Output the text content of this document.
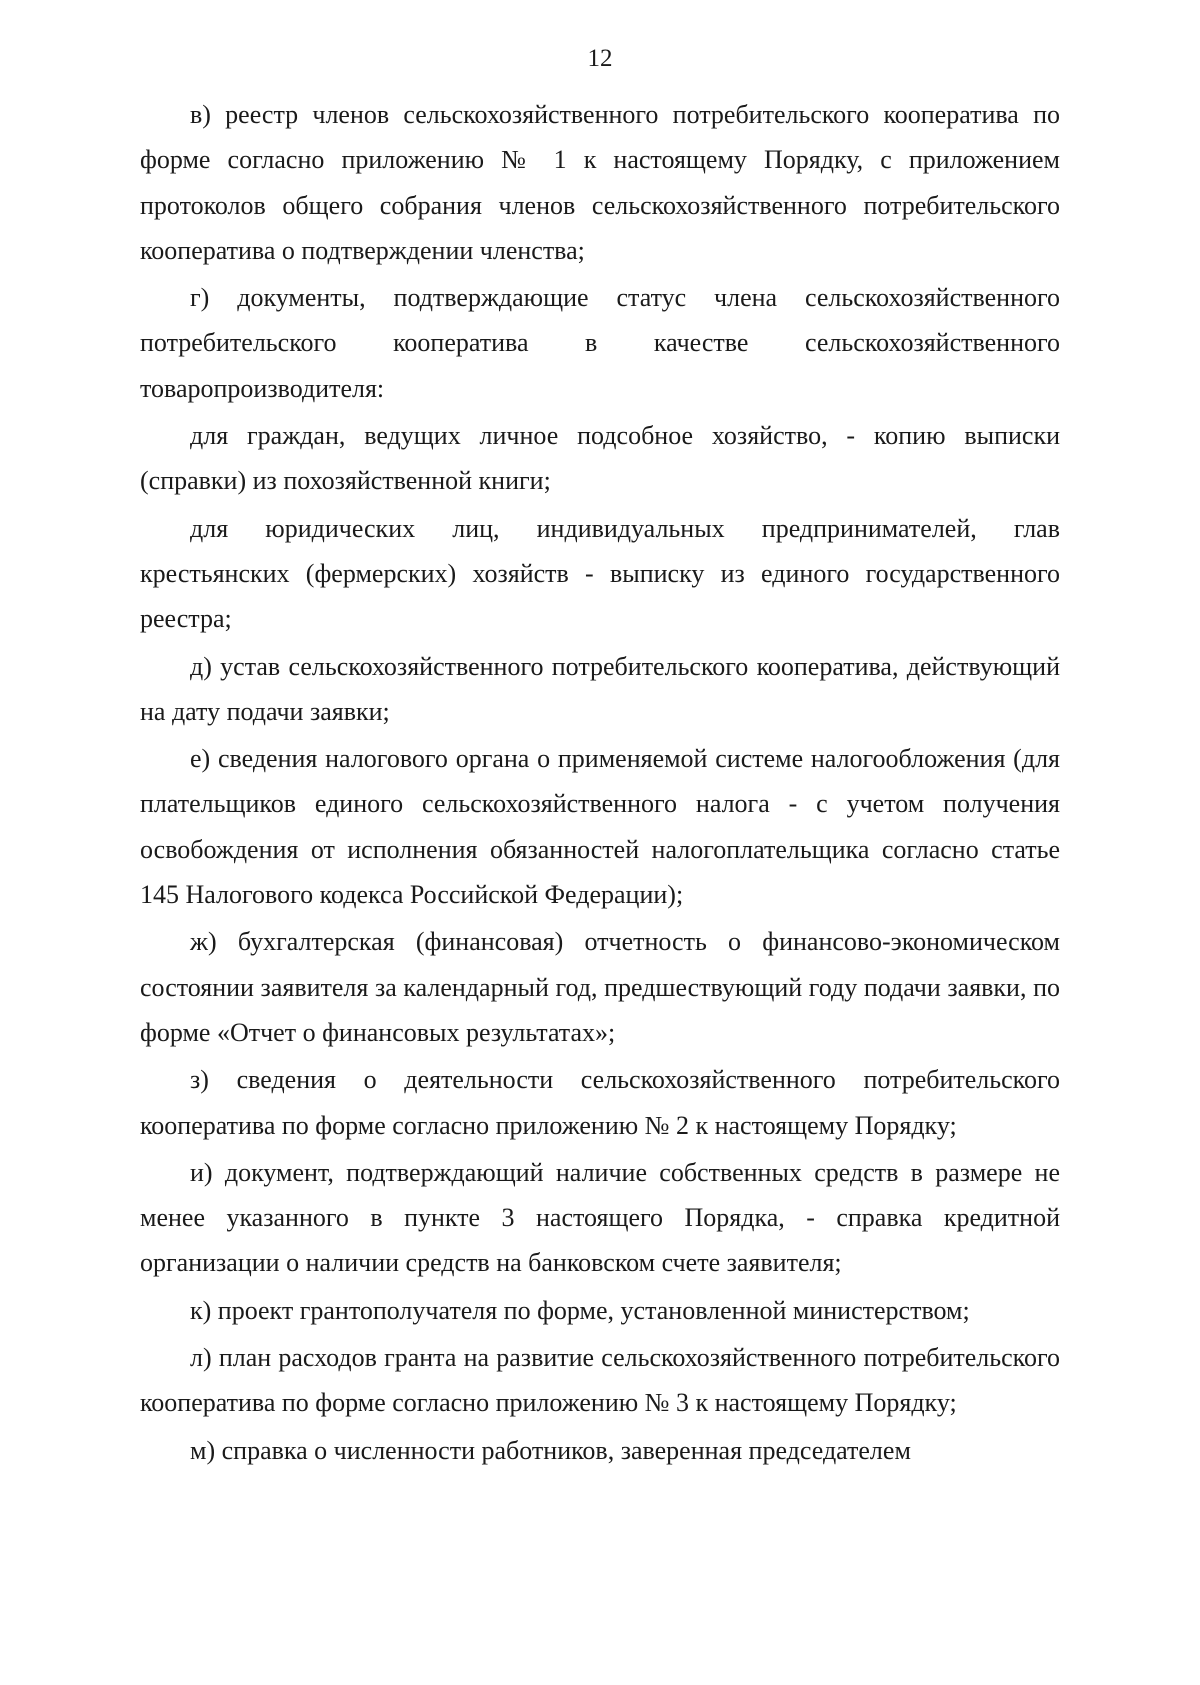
12

в) реестр членов сельскохозяйственного потребительского кооператива по форме согласно приложению № 1 к настоящему Порядку, с приложением протоколов общего собрания членов сельскохозяйственного потребительского кооператива о подтверждении членства;

г) документы, подтверждающие статус члена сельскохозяйственного потребительского кооператива в качестве сельскохозяйственного товаропроизводителя:

для граждан, ведущих личное подсобное хозяйство, - копию выписки (справки) из похозяйственной книги;

для юридических лиц, индивидуальных предпринимателей, глав крестьянских (фермерских) хозяйств - выписку из единого государственного реестра;

д) устав сельскохозяйственного потребительского кооператива, действующий на дату подачи заявки;

е) сведения налогового органа о применяемой системе налогообложения (для плательщиков единого сельскохозяйственного налога - с учетом получения освобождения от исполнения обязанностей налогоплательщика согласно статье 145 Налогового кодекса Российской Федерации);

ж) бухгалтерская (финансовая) отчетность о финансово-экономическом состоянии заявителя за календарный год, предшествующий году подачи заявки, по форме «Отчет о финансовых результатах»;

з) сведения о деятельности сельскохозяйственного потребительского кооператива по форме согласно приложению № 2 к настоящему Порядку;

и) документ, подтверждающий наличие собственных средств в размере не менее указанного в пункте 3 настоящего Порядка, - справка кредитной организации о наличии средств на банковском счете заявителя;

к) проект грантополучателя по форме, установленной министерством;

л) план расходов гранта на развитие сельскохозяйственного потребительского кооператива по форме согласно приложению № 3 к настоящему Порядку;

м) справка о численности работников, заверенная председателем
